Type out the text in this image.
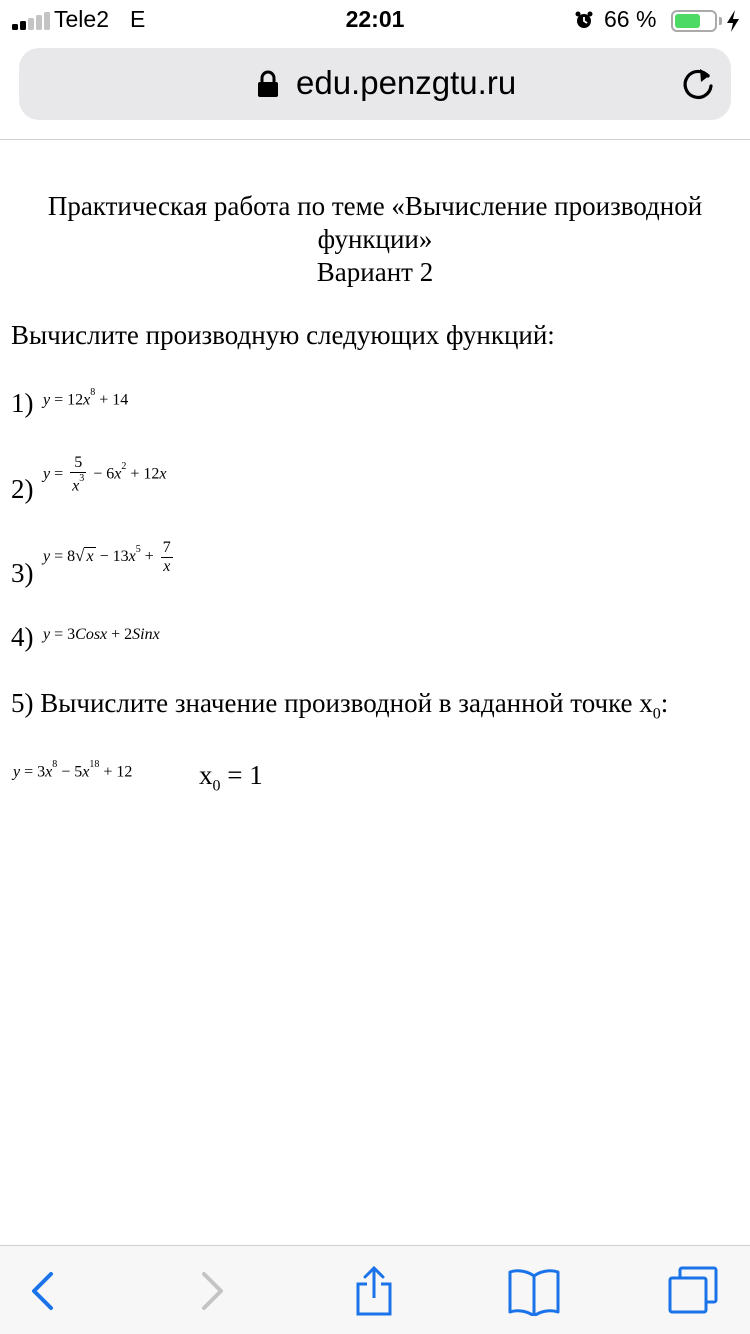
Tele2 E	22:01	66 %
edu.penzgtu.ru
Практическая работа по теме «Вычисление производной
функции»
Вариант 2
Вычислите производную следующих функций:
1) $y = 12x^8 + 14$
2)
$y = \frac{5}{x^3} - 6x^2 + 12x$
3)
y = 8√ $x - 13x^5 + \frac{7}{x}$
4) y = 3Cosx + 2Sinx
5) Вычислите значение производной в заданной точке $x_0$:
$y = 3x^8 - 5x^{18} + 12$ $x_0 = 1$
